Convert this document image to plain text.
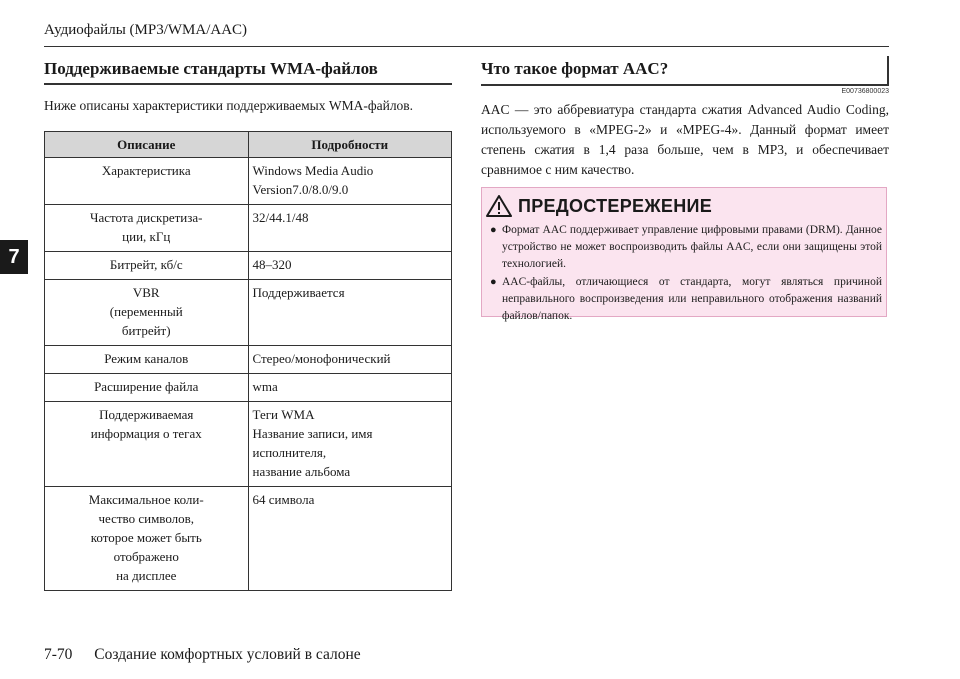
Аудиофайлы (MP3/WMA/AAC)
7
Поддерживаемые стандарты WMA-файлов
Ниже описаны характеристики поддерживаемых WMA-файлов.
Описание	Подробности
Характеристика	Windows Media Audio Version7.0/8.0/9.0
Частота дискретиза-
ции, кГц	32/44.1/48
Битрейт, кб/с	48–320
VBR
(переменный
битрейт)	Поддерживается
Режим каналов	Стерео/монофонический
Расширение файла	wma
Поддерживаемая
информация о тегах	Теги WMA
Название записи, имя исполнителя,
название альбома
Максимальное коли-
чество символов,
которое может быть
отображено
на дисплее	64 символа
Что такое формат AAC?
E00736800023
AAC — это аббревиатура стандарта сжатия Advanced Audio Coding, используемого в «MPEG-2» и «MPEG-4». Данный формат имеет степень сжатия в 1,4 раза больше, чем в MP3, и обеспечивает сравнимое с ним качество.
ПРЕДОСТЕРЕЖЕНИЕ
● Формат AAC поддерживает управление цифровыми правами (DRM). Данное устройство не может воспроизводить файлы AAC, если они защищены этой технологией.
● AAC-файлы, отличающиеся от стандарта, могут являться причиной неправильного воспроизведения или неправильного отображения названий файлов/папок.
7-70 Создание комфортных условий в салоне
